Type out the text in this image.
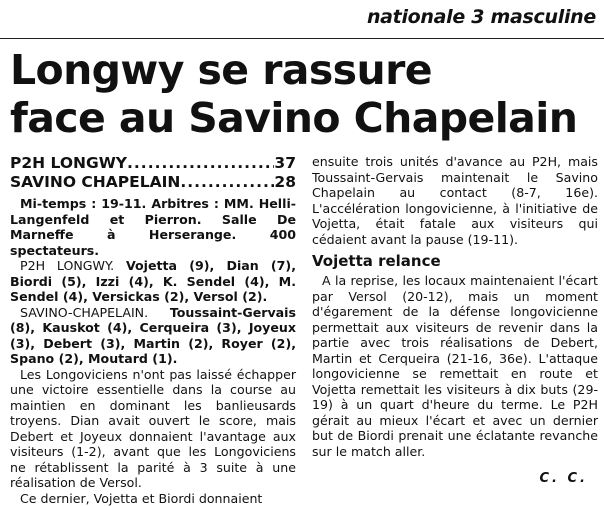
nationale 3 masculine
Longwy se rassure
face au Savino Chapelain
P2H LONGWY .....	37
SAVINO CHAPELAIN .....	28

Mi-temps : 19-11. Arbitres : MM. Helli-Langenfeld et Pierron. Salle De Marneffe à Herserange. 400 spectateurs.

P2H LONGWY. Vojetta (9), Dian (7), Biordi (5), Izzi (4), K. Sendel (4), M. Sendel (4), Versickas (2), Versol (2).

SAVINO-CHAPELAIN. Toussaint-Gervais (8), Kauskot (4), Cerqueira (3), Joyeux (3), Debert (3), Martin (2), Royer (2), Spano (2), Moutard (1).

Les Longoviciens n'ont pas laissé échapper une victoire essentielle dans la course au maintien en dominant les banlieusards troyens. Dian avait ouvert le score, mais Debert et Joyeux donnaient l'avantage aux visiteurs (1-2), avant que les Longoviciens ne rétablissent la parité à 3 suite à une réalisation de Versol.

Ce dernier, Vojetta et Biordi donnaient

ensuite trois unités d'avance au P2H, mais Toussaint-Gervais maintenait le Savino Chapelain au contact (8-7, 16e). L'accélération longovicienne, à l'initiative de Vojetta, était fatale aux visiteurs qui cédaient avant la pause (19-11).

Vojetta relance

A la reprise, les locaux maintenaient l'écart par Versol (20-12), mais un moment d'égarement de la défense longovicienne permettait aux visiteurs de revenir dans la partie avec trois réalisations de Debert, Martin et Cerqueira (21-16, 36e). L'attaque longovicienne se remettait en route et Vojetta remettait les visiteurs à dix buts (29-19) à un quart d'heure du terme. Le P2H gérait au mieux l'écart et avec un dernier but de Biordi prenait une éclatante revanche sur le match aller.

C. C.
